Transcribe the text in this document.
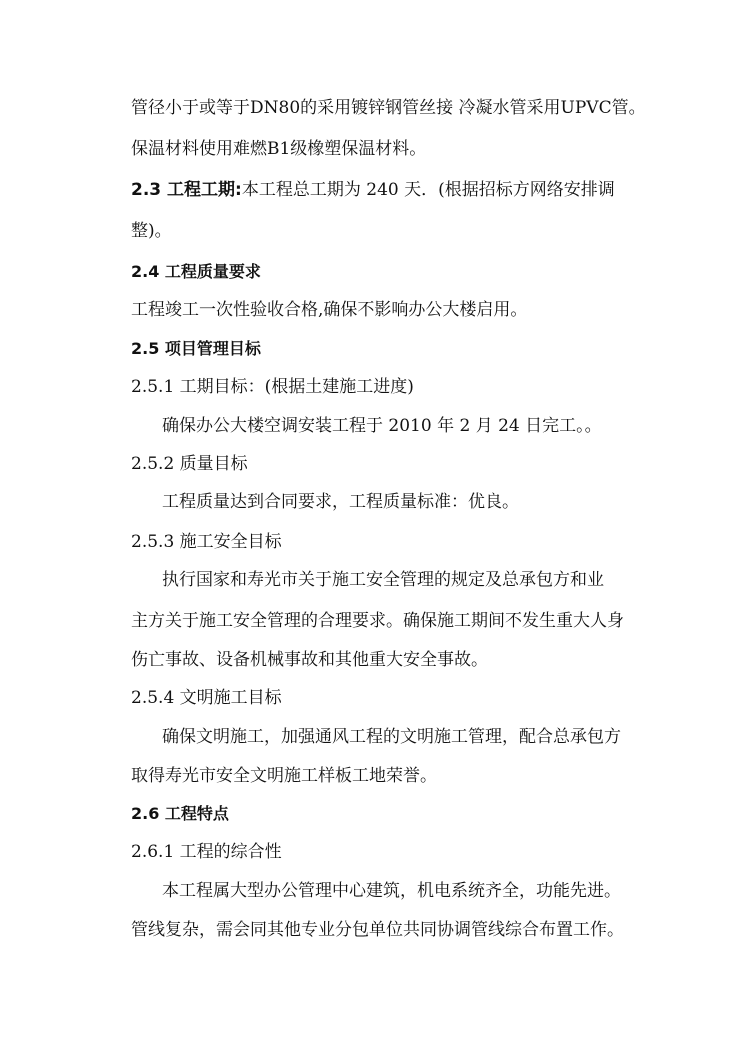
管径小于或等于DN80的采用镀锌钢管丝接 冷凝水管采用UPVC管。
保温材料使用难燃B1级橡塑保温材料。
2.3 工程工期:本工程总工期为 240 天．(根据招标方网络安排调
整)。
2.4 工程质量要求
工程竣工一次性验收合格,确保不影响办公大楼启用。
2.5 项目管理目标
2.5.1 工期目标：(根据土建施工进度)
确保办公大楼空调安装工程于 2010 年 2 月 24 日完工。。
2.5.2 质量目标
工程质量达到合同要求，工程质量标准：优良。
2.5.3 施工安全目标
执行国家和寿光市关于施工安全管理的规定及总承包方和业
主方关于施工安全管理的合理要求。确保施工期间不发生重大人身
伤亡事故、设备机械事故和其他重大安全事故。
2.5.4 文明施工目标
确保文明施工，加强通风工程的文明施工管理，配合总承包方
取得寿光市安全文明施工样板工地荣誉。
2.6 工程特点
2.6.1 工程的综合性
本工程属大型办公管理中心建筑，机电系统齐全，功能先进。
管线复杂，需会同其他专业分包单位共同协调管线综合布置工作。
